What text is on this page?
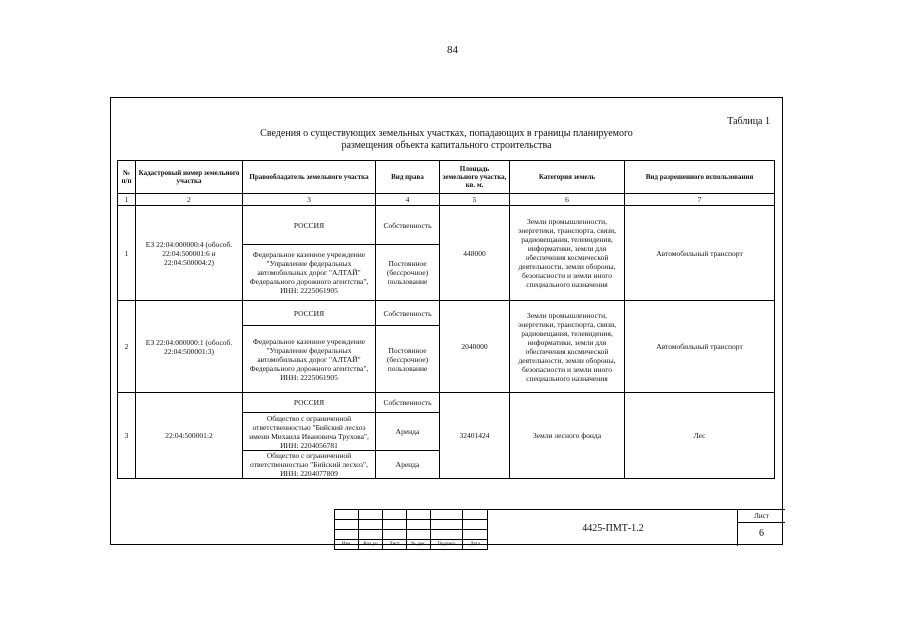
84
Таблица 1
Сведения о существующих земельных участках, попадающих в границы планируемого
размещения объекта капитального строительства
№ п/п	Кадастровый номер земельного участка	Правообладатель земельного участка	Вид права	Площадь земельного участка, кв. м.	Категория земель	Вид разрешенного использования
1	2	3	4	5	6	7
1	ЕЗ 22:04:000000:4 (обособ. 22:04:500001:6 и 22:04:500004:2)	РОССИЯ	Собственность	448000	Земли промышленности, энергетики, транспорта, связи, радиовещания, телевидения, информатики, земли для обеспечения космической деятельности, земли обороны, безопасности и земли иного специального назначения	Автомобильный транспорт
		Федеральное казенное учреждение "Управление федеральных автомобильных дорог "АЛТАЙ" Федерального дорожного агентства", ИНН: 2225061905	Постоянное (бессрочное) пользование			
2	ЕЗ 22:04:000000:1 (обособ. 22:04:500001:3)	РОССИЯ	Собственность	2040000	Земли промышленности, энергетики, транспорта, связи, радиовещания, телевидения, информатики, земли для обеспечения космической деятельности, земли обороны, безопасности и земли иного специального назначения	Автомобильный транспорт
		Федеральное казенное учреждение "Управление федеральных автомобильных дорог "АЛТАЙ" Федерального дорожного агентства", ИНН: 2225061905	Постоянное (бессрочное) пользование			
3	22:04:500001:2	РОССИЯ	Собственность	32401424	Земли лесного фонда	Лес
		Общество с ограниченной ответственностью "Бийский лесхоз имени Михаила Ивановича Трухова", ИНН: 2204056781	Аренда			
		Общество с ограниченной ответственностью "Бийский лесхоз", ИНН: 2204077809	Аренда			

Изм.	Кол.уч	Лист	№ док.	Подпись	Дата
4425-ПМТ-1.2
Лист
6
